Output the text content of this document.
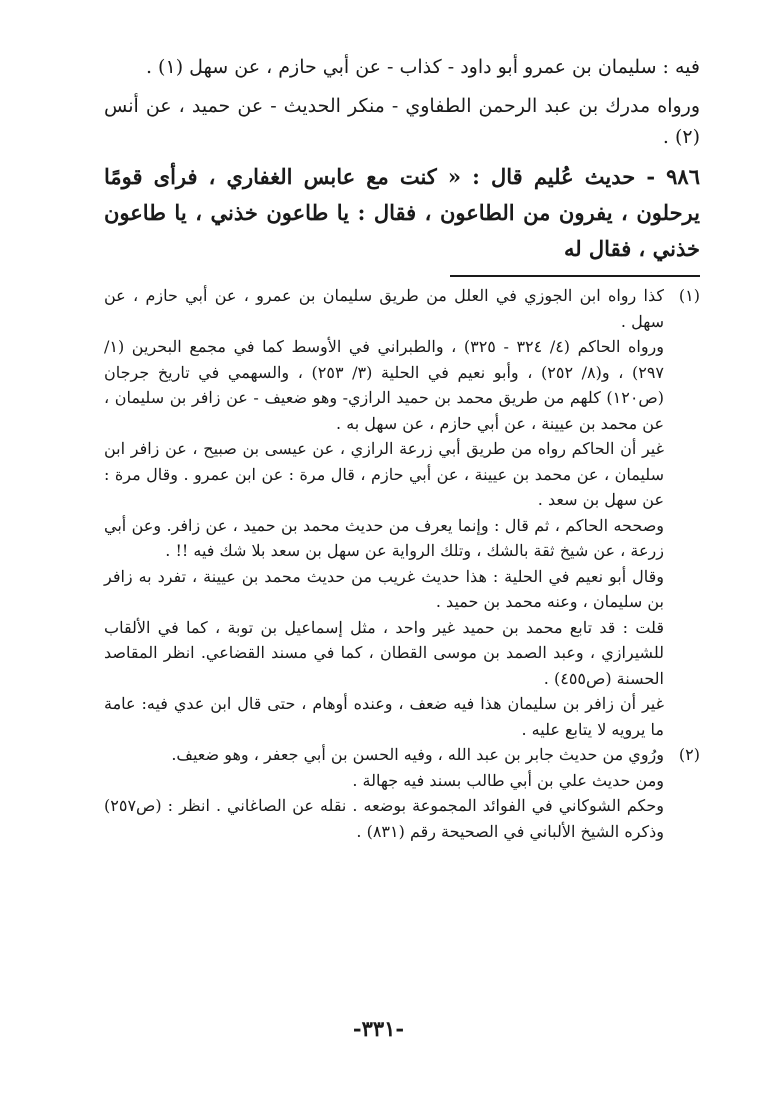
فيه : سليمان بن عمرو أبو داود - كذاب - عن أبي حازم ، عن سهل (١) .

ورواه مدرك بن عبد الرحمن الطفاوي - منكر الحديث - عن حميد ، عن أنس (٢) .

٩٨٦ - حديث عُليم قال : « كنت مع عابس الغفاري ، فرأى قومًا يرحلون ، يفرون من الطاعون ، فقال : يا طاعون خذني ، يا طاعون خذني ، فقال له

(١)

كذا رواه ابن الجوزي في العلل من طريق سليمان بن عمرو ، عن أبي حازم ، عن سهل .

ورواه الحاكم (٤/ ٣٢٤ - ٣٢٥) ، والطبراني في الأوسط كما في مجمع البحرين (١/ ٢٩٧) ، و(٨/ ٢٥٢) ، وأبو نعيم في الحلية (٣/ ٢٥٣) ، والسهمي في تاريخ جرجان (ص١٢٠) كلهم من طريق محمد بن حميد الرازي- وهو ضعيف - عن زافر بن سليمان ، عن محمد بن عيينة ، عن أبي حازم ، عن سهل به .

غير أن الحاكم رواه من طريق أبي زرعة الرازي ، عن عيسى بن صبيح ، عن زافر ابن سليمان ، عن محمد بن عيينة ، عن أبي حازم ، قال مرة : عن ابن عمرو . وقال مرة : عن سهل بن سعد .

وصححه الحاكم ، ثم قال : وإنما يعرف من حديث محمد بن حميد ، عن زافر. وعن أبي زرعة ، عن شيخ ثقة بالشك ، وتلك الرواية عن سهل بن سعد بلا شك فيه !! .

وقال أبو نعيم في الحلية : هذا حديث غريب من حديث محمد بن عيينة ، تفرد به زافر بن سليمان ، وعنه محمد بن حميد .

قلت : قد تابع محمد بن حميد غير واحد ، مثل إسماعيل بن توبة ، كما في الألقاب للشيرازي ، وعبد الصمد بن موسى القطان ، كما في مسند القضاعي. انظر المقاصد الحسنة (ص٤٥٥) .

غير أن زافر بن سليمان هذا فيه ضعف ، وعنده أوهام ، حتى قال ابن عدي فيه: عامة ما يرويه لا يتابع عليه .

(٢)

ورُوي من حديث جابر بن عبد الله ، وفيه الحسن بن أبي جعفر ، وهو ضعيف.

ومن حديث علي بن أبي طالب بسند فيه جهالة .

وحكم الشوكاني في الفوائد المجموعة بوضعه . نقله عن الصاغاني . انظر : (ص٢٥٧) وذكره الشيخ الألباني في الصحيحة رقم (٨٣١) .

-٣٣١-
